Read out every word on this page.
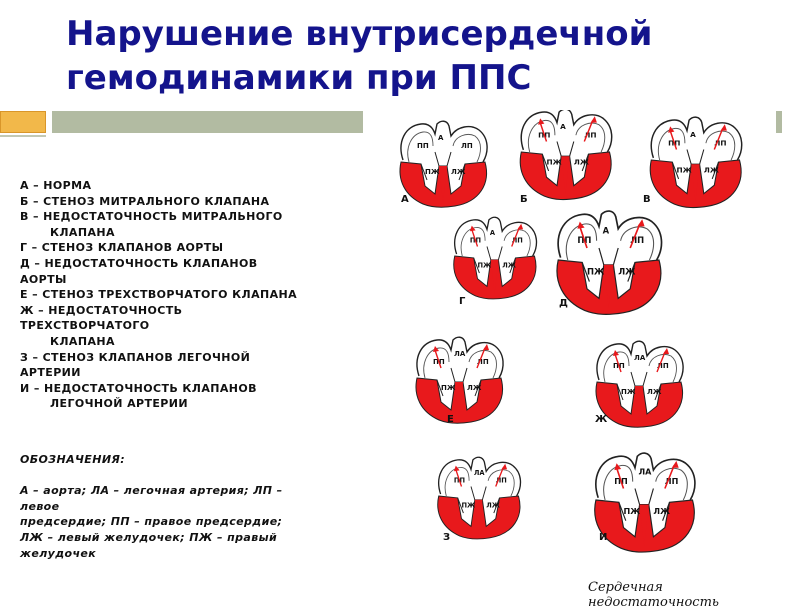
Нарушение внутрисердечной
гемодинамики при ППС
А – НОРМА
Б – СТЕНОЗ МИТРАЛЬНОГО КЛАПАНА
В – НЕДОСТАТОЧНОСТЬ МИТРАЛЬНОГО
КЛАПАНА
Г – СТЕНОЗ КЛАПАНОВ АОРТЫ
Д – НЕДОСТАТОЧНОСТЬ КЛАПАНОВ
АОРТЫ
Е – СТЕНОЗ ТРЕХСТВОРЧАТОГО КЛАПАНА
Ж – НЕДОСТАТОЧНОСТЬ
ТРЕХСТВОРЧАТОГО
КЛАПАНА
З – СТЕНОЗ КЛАПАНОВ ЛЕГОЧНОЙ
АРТЕРИИ
И – НЕДОСТАТОЧНОСТЬ КЛАПАНОВ
ЛЕГОЧНОЙ АРТЕРИИ
ОБОЗНАЧЕНИЯ:
А – аорта; ЛА – легочная артерия; ЛП –
левое
предсердие; ПП – правое предсердие;
ЛЖ – левый желудочек; ПЖ – правый
желудочек
ПП
А
ЛП
ПЖ ЛЖ
А
ПП
А
ЛП
ПЖ ЛЖ
Б
ПП
А
ЛП
ПЖ ЛЖ
В
ПП
А
ЛП
ПЖ ЛЖ
Г
ПП
А
ЛП
ПЖ ЛЖ
Д
ПП
ЛА
ЛП
ПЖ ЛЖ
Е
ПП
ЛА
ЛП
ПЖ ЛЖ
Ж
ПП
ЛА
ЛП
ПЖ ЛЖ
З
ПП
ЛА
ЛП
ПЖ ЛЖ
И
Сердечная недостаточность
